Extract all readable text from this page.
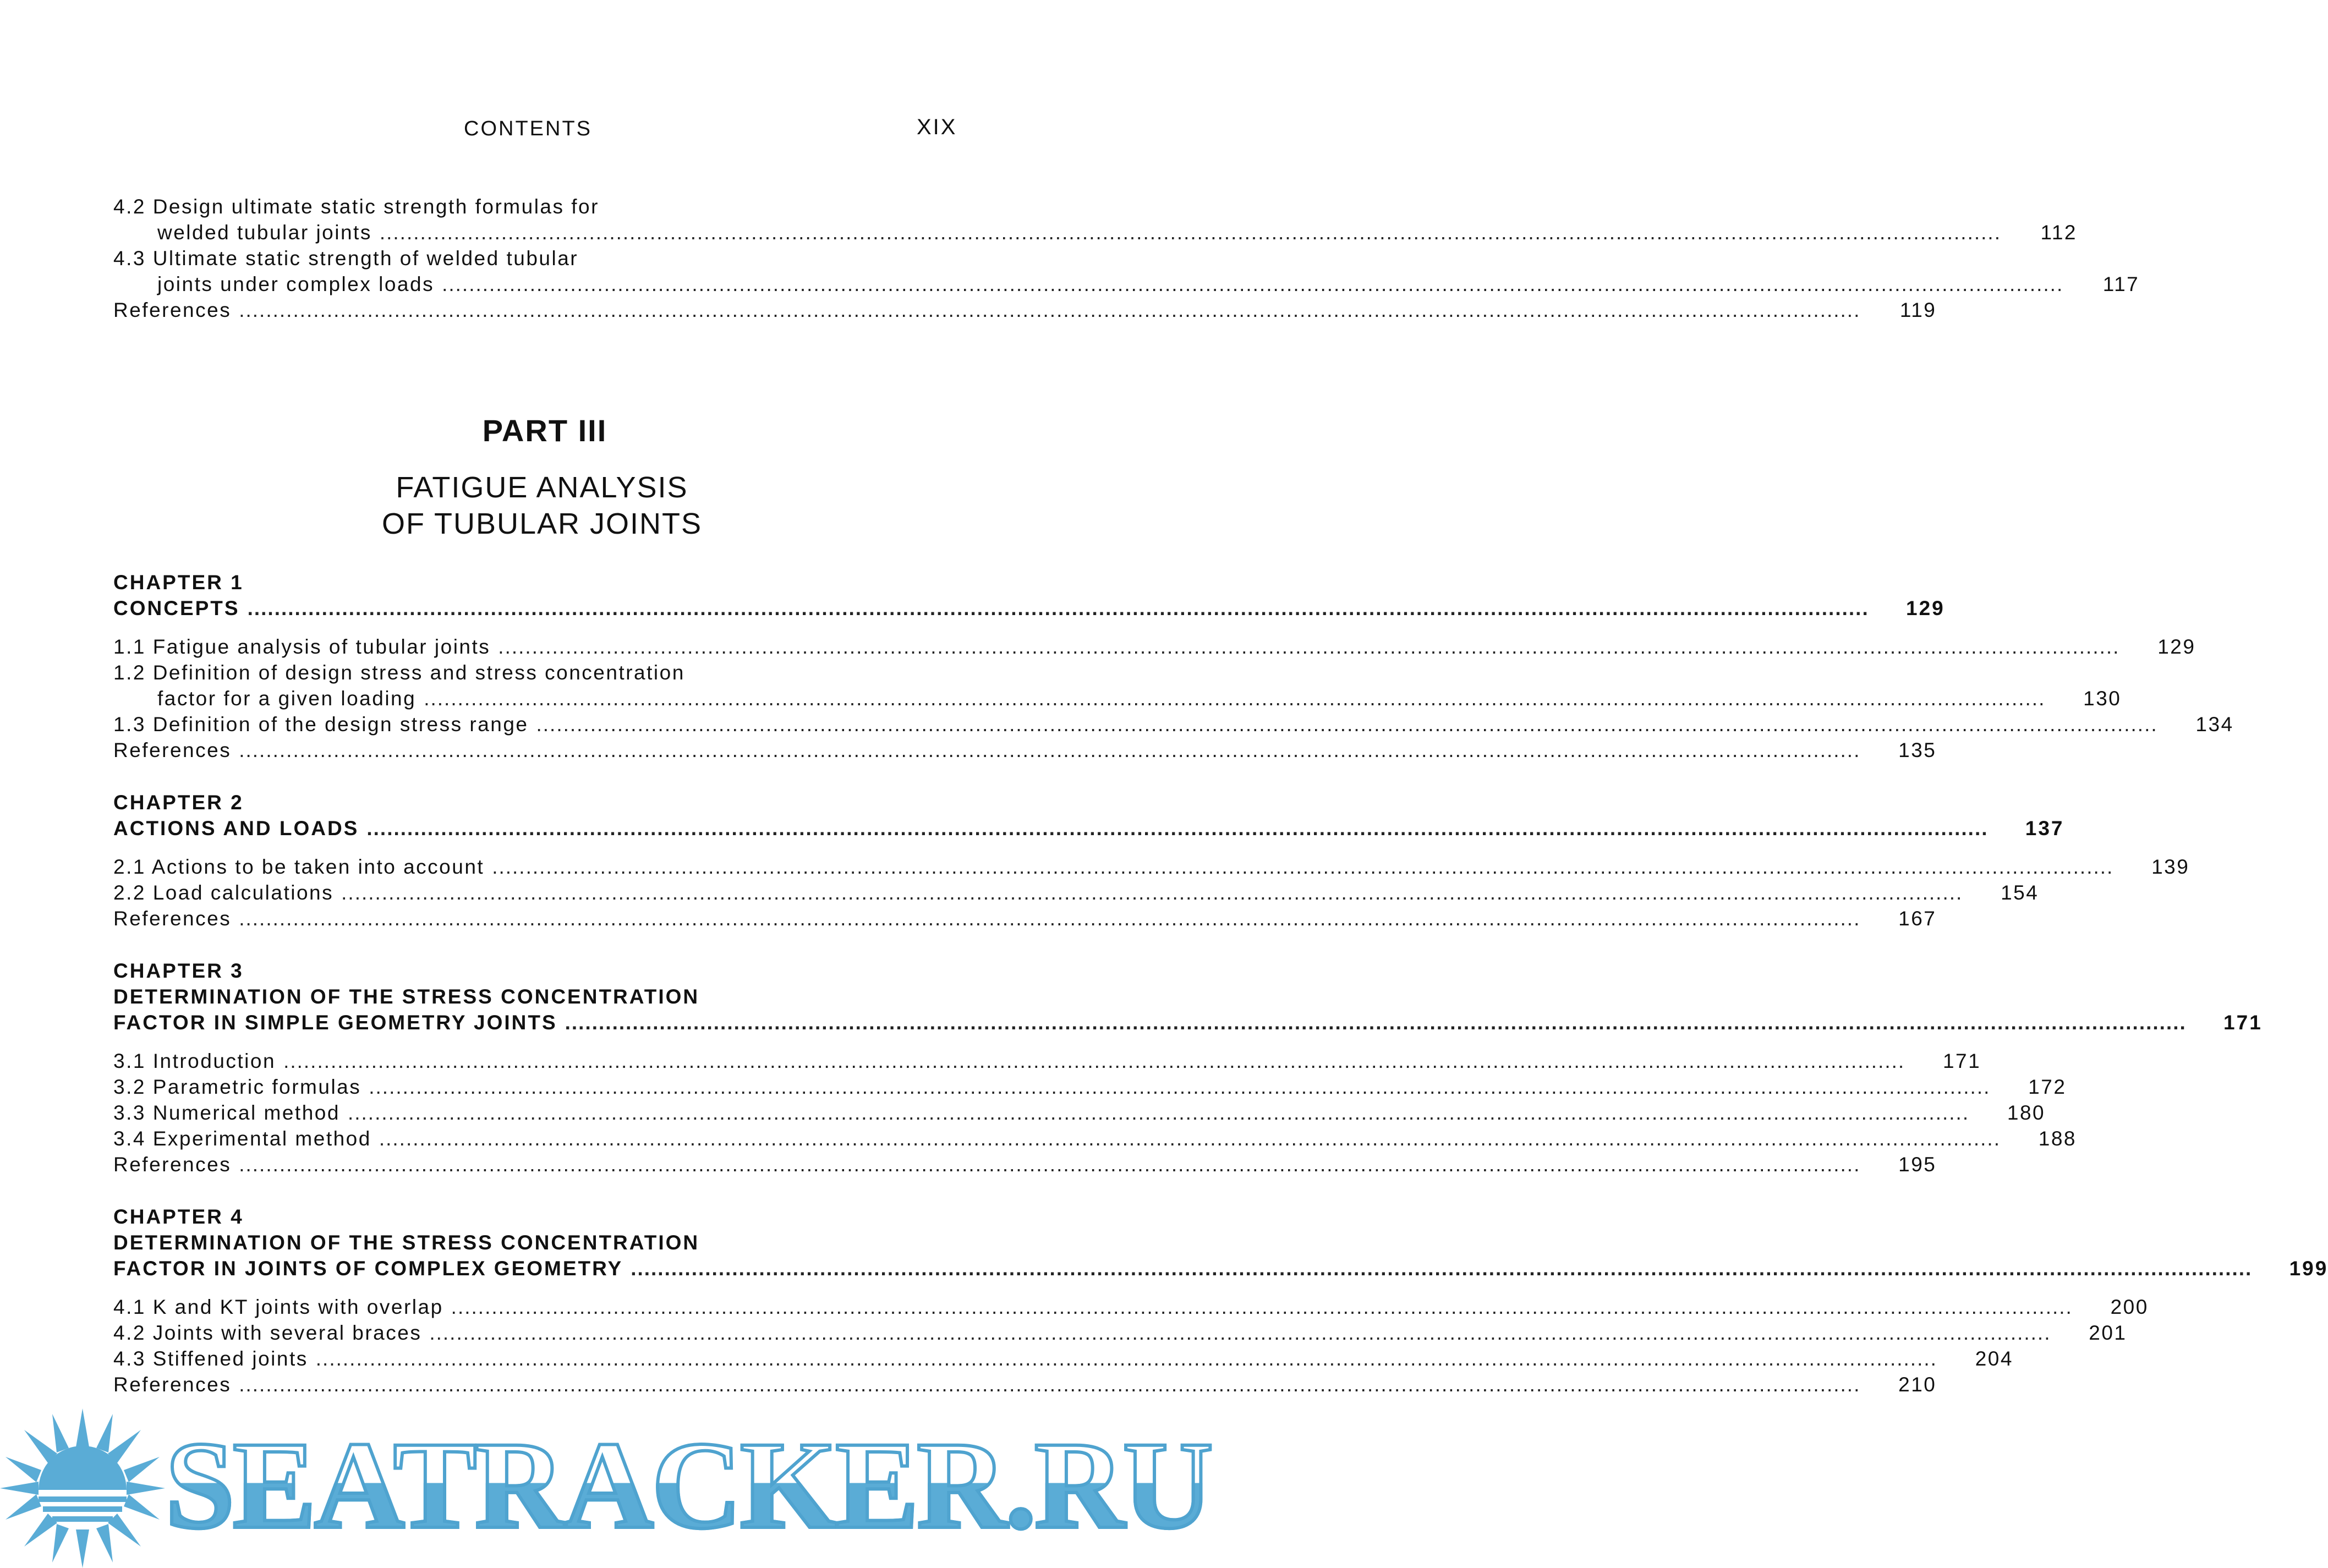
CONTENTS	XIX
4.2 Design ultimate static strength formulas for
welded tubular joints .....	112
4.3 Ultimate static strength of welded tubular
joints under complex loads .....	117
References .....	119
PART III
FATIGUE ANALYSIS
OF TUBULAR JOINTS
CHAPTER 1
CONCEPTS .....	129
1.1 Fatigue analysis of tubular joints .....	129
1.2 Definition of design stress and stress concentration
factor for a given loading .....	130
1.3 Definition of the design stress range .....	134
References .....	135
CHAPTER 2
ACTIONS AND LOADS .....	137
2.1 Actions to be taken into account .....	139
2.2 Load calculations .....	154
References .....	167
CHAPTER 3
DETERMINATION OF THE STRESS CONCENTRATION
FACTOR IN SIMPLE GEOMETRY JOINTS .....	171
3.1 Introduction .....	171
3.2 Parametric formulas .....	172
3.3 Numerical method .....	180
3.4 Experimental method .....	188
References .....	195
CHAPTER 4
DETERMINATION OF THE STRESS CONCENTRATION
FACTOR IN JOINTS OF COMPLEX GEOMETRY .....	199
4.1 K and KT joints with overlap .....	200
4.2 Joints with several braces .....	201
4.3 Stiffened joints .....	204
References .....	210
SEATRACKER.RU
